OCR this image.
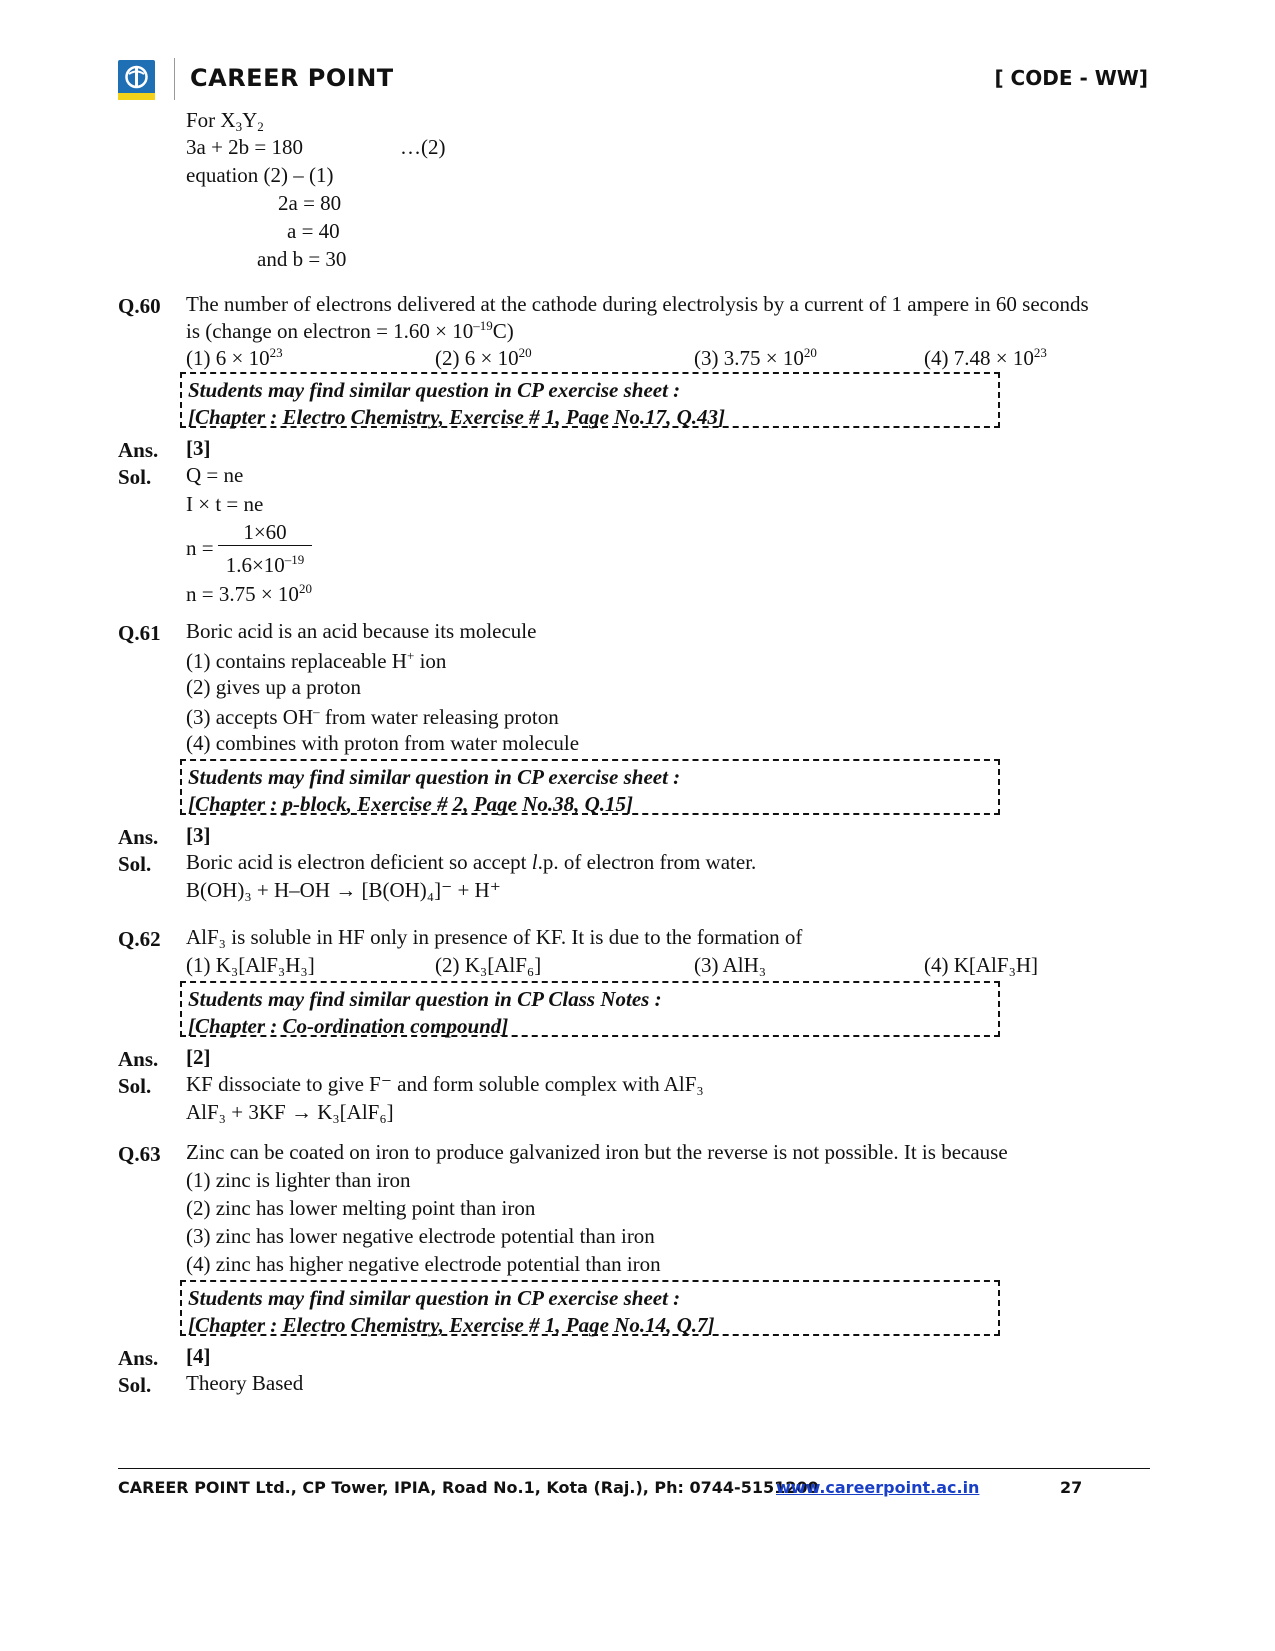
CAREER POINT	[ CODE - WW]
For $X_3Y_2$
3a + 2b = 180	…(2)
equation (2) – (1)
2a = 80
a = 40
and b = 30
Q.60 The number of electrons delivered at the cathode during electrolysis by a current of 1 ampere in 60 seconds
is (change on electron = $1.60 \times 10^{-19}C$)
(1) $6 \times 10^{23}$	(2) $6 \times 10^{20}$	(3) $3.75 \times 10^{20}$	(4) $7.48 \times 10^{23}$
Students may find similar question in CP exercise sheet :
[Chapter : Electro Chemistry, Exercise # 1, Page No.17, Q.43]
Ans. [3]
Sol. Q = ne
I × t = ne
n =
1×60
$1.6\times 10^{-19}$
$n = 3.75 \times 10^{20}$
Q.61 Boric acid is an acid because its molecule
(1) contains replaceable H+ ion
(2) gives up a proton
(3) accepts OH– from water releasing proton
(4) combines with proton from water molecule
Students may find similar question in CP exercise sheet :
[Chapter : p-block, Exercise # 2, Page No.38, Q.15]
Ans. [3]
Sol. Boric acid is electron deficient so accept l.p. of electron from water.
B(OH)₃ + H–OH → [B(OH)₄]⁻ + H⁺
Q.62 AlF₃ is soluble in HF only in presence of KF. It is due to the formation of
(1) K₃[AlF₃H₃]	(2) K₃[AlF₆]	(3) AlH₃	(4) K[AlF₃H]
Students may find similar question in CP Class Notes :
[Chapter : Co-ordination compound]
Ans. [2]
Sol. KF dissociate to give F⁻ and form soluble complex with AlF₃
AlF₃ + 3KF → K₃[AlF₆]
Q.63 Zinc can be coated on iron to produce galvanized iron but the reverse is not possible. It is because
(1) zinc is lighter than iron
(2) zinc has lower melting point than iron
(3) zinc has lower negative electrode potential than iron
(4) zinc has higher negative electrode potential than iron
Students may find similar question in CP exercise sheet :
[Chapter : Electro Chemistry, Exercise # 1, Page No.14, Q.7]
Ans. [4]
Sol. Theory Based
CAREER POINT Ltd., CP Tower, IPIA, Road No.1, Kota (Raj.), Ph: 0744-5151200
www.careerpoint.ac.in	27
